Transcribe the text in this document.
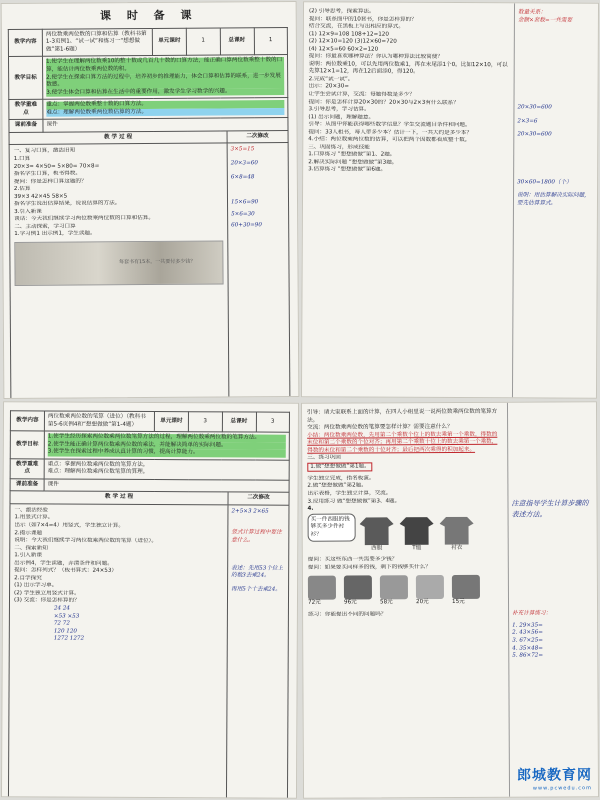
课 时 备 课
教学内容	两位数乘两位数的口算和估算（教科书第1-3页例1、“试一试”和练习一“想想做做”第1-6题）	单元课时	1	总课时	1
教学目标	1.使学生在理解两位数乘10的整十数或几百几十数的口算方法，能正确口算两位数乘整十数的口算，能估计两位数乘两位数的积。
2.使学生在探索口算方法的过程中，培养初步的推理能力，体会口算和估算的联系，进一步发展数感。
3.使学生体会口算和估算在生活中的重要作用，激发学生学习数学的兴趣。				

教学重难点	重点：掌握两位数乘整十数的口算方法。
难点：理解两位数乘两位数估算的方法。				

课前准备	课件				
教 学 过 程	二次修改
一、复习口算，激活旧知
1.口算
20×3= 4×50= 5×80= 70×8=
指名学生口算，板书得数。
提问：你是怎样口算这题的？
2.估算
39×3 42×45 58×5
指名学生说出估算结果，说说估算的方法。
3.引入新课
谈话：今天我们继续学习两位数乘两位数的口算和估算。
二、主动探索，学习口算
1.学习例1 出示例1，学生读题。
每套书有15本，一共要付多少钱？
3×5=15
20×3=60
6×8=48
15×6=90
5×6=30
60+30=90
(2) 引导思考，探索算法。
提问：联系图中的10套书，你是怎样算的？
结合交流，在黑板上写出相应的算式。
(1) 12×9=108 108+12=120
(2) 12×10=120 (3)12×60=720
(4) 12×5=60 60×2=120
提问：你最喜欢哪种算法？你认为哪种算法比较简便？
说明：两位数乘10，可以先用两位数乘1，再在末尾添1个0。比如12×10，可以先算12×1=12，再在12后面添0，得120。
2.完成“试一试”。
出示：20×30=
让学生尝试计算，交流：每题得数是多少？
提问：你是怎样计算20×30的？20×30与2×3有什么联系？
3.引导思考，学习估算。
(1) 出示问题，理解题意。
引导：从图中你能获得哪些数学信息？学生交流题目条件和问题。
提问：33人租书，每人带多少本？估计一下，一共大约是多少本？
4.小结：两位数乘两位数的估算，可以把两个因数都看成整十数。
三、巩固练习，形成技能
1.口算练习 “想想做做”第1、2题。
2.解决实际问题 “想想做做”第3题。
3.估算练习 “想想做做”第6题。
数量关系：
金额×套数=一共需要
20×30=600
2×3=6
20×30=600
30×60=1800（个）
说明：用估算解决实际问题，要先估算算式。
教学内容	两位数乘两位数的笔算（进位）（教科书第5-6页例4和“想想做做”第1-4题）	单元课时	3	总课时	3
教学目标	1.使学生经历探索两位数乘两位数笔算方法的过程，理解两位数乘两位数的笔算方法。
2.使学生能正确计算两位数乘两位数的乘法，并能解决简单的实际问题。
3.使学生在探索过程中养成认真计算的习惯，提高计算能力。				

教学重难点	重点：掌握两位数乘两位数的笔算方法。
难点：理解两位数乘两位数笔算的算理。				

课前准备	课件				
教 学 过 程	二次修改
一、激活经验
1.用竖式计算。
出示（如7×4=4）用竖式，学生独立计算。
2.揭示课题
说明：今天我们继续学习两位数乘两位数的笔算（进位）。
二、探索新知
1.引入新课
出示例4，学生读题，弄清条件和问题。
提问：怎样列式？（板书算式：24×53）
2.自学探究
(1) 出示学习单。
(2) 学生独立用竖式计算。
(3) 交流：你是怎样算的？
24 24
×53 ×53
72 72
120 120
1272 1272
2+5×3 2×65
竖式计算过程中要注意什么。
表述：先用53个位上的数3去乘24。
再用5个十去乘24。
引导：请大家联系上面的计算，在四人小组里说一说两位数乘两位数的笔算方法。
交流：两位数乘两位数的笔算要怎样计算？需要注意什么？
小结：两位数乘两位数，先用第二个乘数个位上的数去乘第一个乘数，得数的末位和第二个乘数的个位对齐；再用第二个乘数十位上的数去乘第一个乘数，得数的末位和第二个乘数的十位对齐；最后把两次乘得的积加起来。
三、练习巩固
1.做“想想做做”第1题。
学生独立完成，指名板演。
2.做“想想做做”第2题。
出示表格，学生独立计算，交流。
3.应用练习 做“想想做做”第3、4题。
4.
买一件西服的钱够买多少件衬衫？
西服	T恤	衬衣
提问：买这些东西一共需要多少钱？
提问：如果要买同样多的钱，剩下的钱够买什么？
72元	96元	58元	20元	15元
练习：你能提出不同的问题吗？
注意指导学生计算步骤的表述方法。
补充计算练习：
1. 29×35=
2. 43×56=
3. 67×25=
4. 35×48=
5. 86×72=
郎城教育网
www.pcwedu.com
